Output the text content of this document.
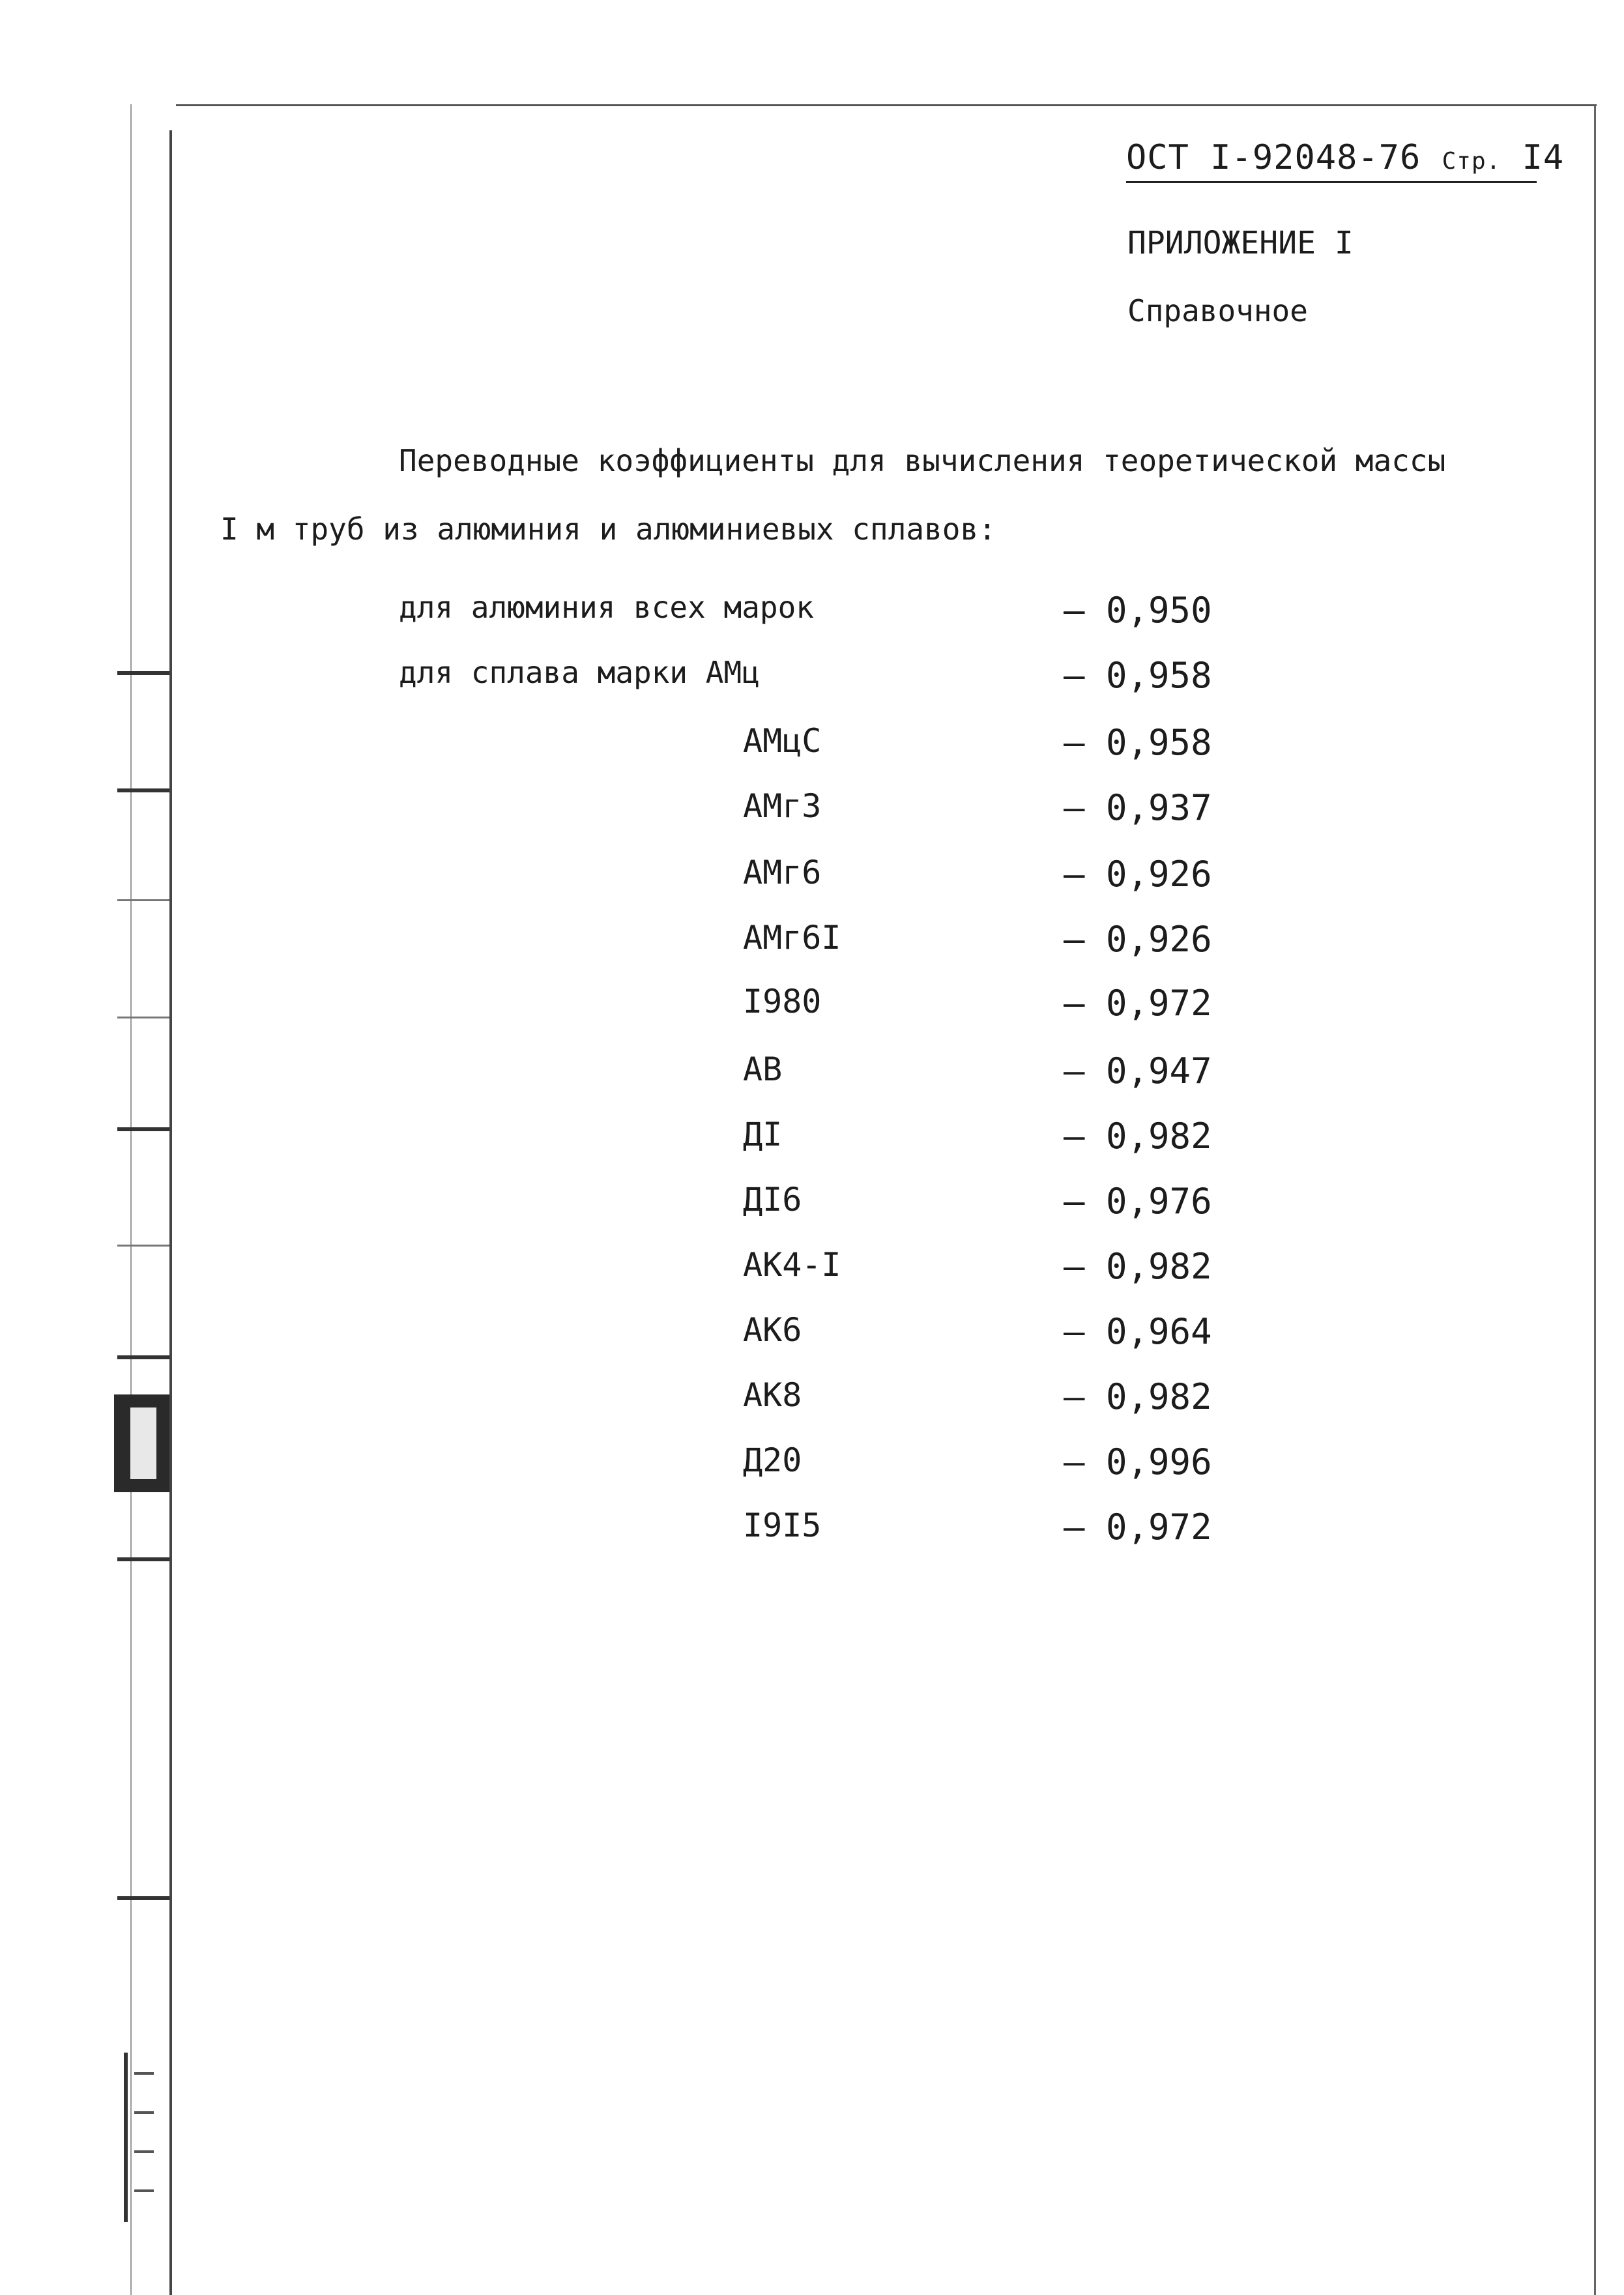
ОСТ I-92048-76 Стр. I4
ПРИЛОЖЕНИЕ I
Справочное
Переводные коэффициенты для вычисления теоретической массы
I м труб из алюминия и алюминиевых сплавов:
для алюминия всех марок	– 0,950
для сплава марки АМц	– 0,958
АМцС	– 0,958
АМг3	– 0,937
АМг6	– 0,926
АМг6I	– 0,926
I980	– 0,972
АВ	– 0,947
ДI	– 0,982
ДI6	– 0,976
АК4-I	– 0,982
АК6	– 0,964
АК8	– 0,982
Д20	– 0,996
I9I5	– 0,972
